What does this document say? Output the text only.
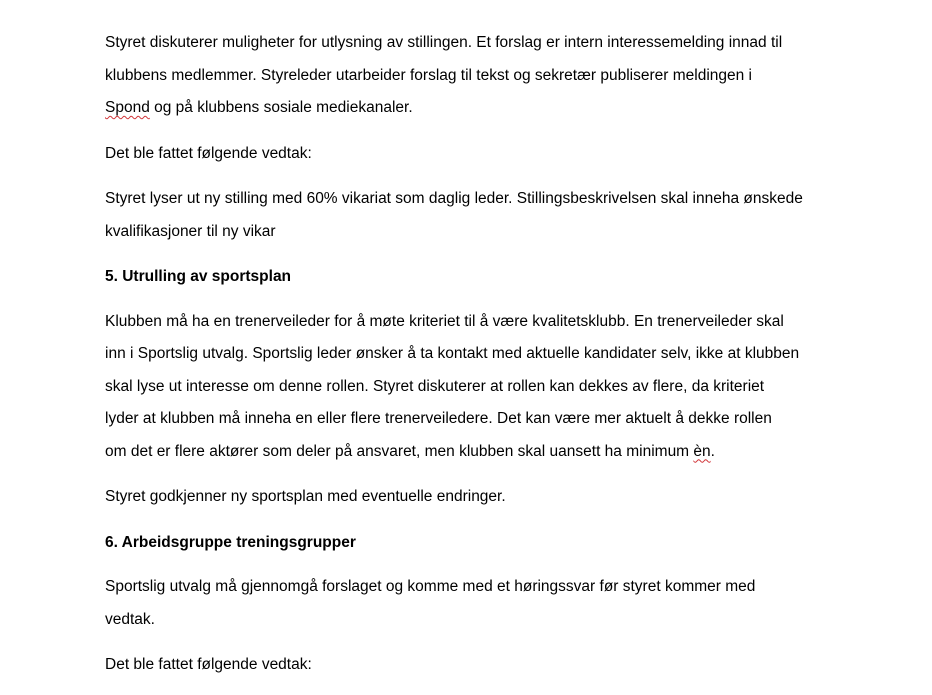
Styret diskuterer muligheter for utlysning av stillingen. Et forslag er intern interessemelding innad til
klubbens medlemmer. Styreleder utarbeider forslag til tekst og sekretær publiserer meldingen i
Spond og på klubbens sosiale mediekanaler.
Det ble fattet følgende vedtak:
Styret lyser ut ny stilling med 60% vikariat som daglig leder. Stillingsbeskrivelsen skal inneha ønskede
kvalifikasjoner til ny vikar
5. Utrulling av sportsplan
Klubben må ha en trenerveileder for å møte kriteriet til å være kvalitetsklubb. En trenerveileder skal
inn i Sportslig utvalg. Sportslig leder ønsker å ta kontakt med aktuelle kandidater selv, ikke at klubben
skal lyse ut interesse om denne rollen. Styret diskuterer at rollen kan dekkes av flere, da kriteriet
lyder at klubben må inneha en eller flere trenerveiledere. Det kan være mer aktuelt å dekke rollen
om det er flere aktører som deler på ansvaret, men klubben skal uansett ha minimum èn.
Styret godkjenner ny sportsplan med eventuelle endringer.
6. Arbeidsgruppe treningsgrupper
Sportslig utvalg må gjennomgå forslaget og komme med et høringssvar før styret kommer med
vedtak.
Det ble fattet følgende vedtak:
